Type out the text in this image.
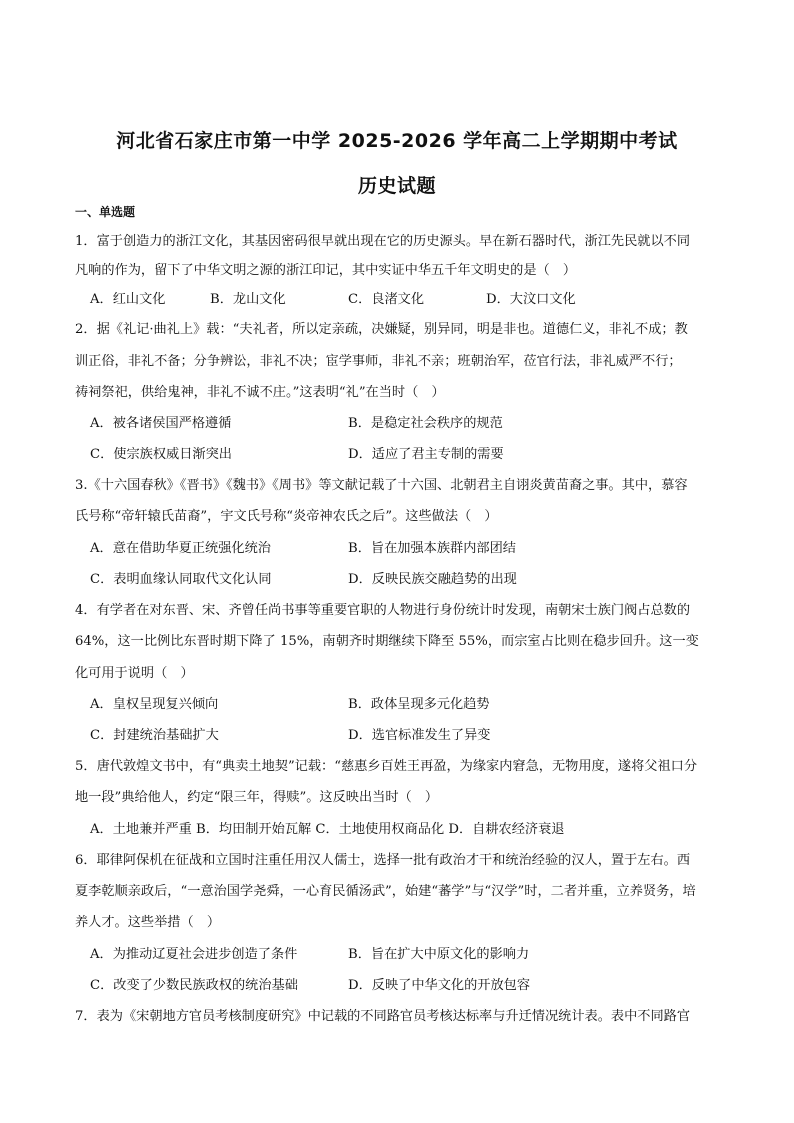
河北省石家庄市第一中学 2025-2026 学年高二上学期期中考试
历史试题
一、单选题
1．富于创造力的浙江文化，其基因密码很早就出现在它的历史源头。早在新石器时代，浙江先民就以不同
凡响的作为，留下了中华文明之源的浙江印记，其中实证中华五千年文明史的是（　）
A．红山文化	B．龙山文化	C．良渚文化	D．大汶口文化
2．据《礼记·曲礼上》载：“夫礼者，所以定亲疏，决嫌疑，别异同，明是非也。道德仁义，非礼不成；教
训正俗，非礼不备；分争辨讼，非礼不决；宦学事师，非礼不亲；班朝治军，莅官行法，非礼威严不行；
祷祠祭祀，供给鬼神，非礼不诚不庄。”这表明“礼”在当时（　）
A．被各诸侯国严格遵循	B．是稳定社会秩序的规范
C．使宗族权威日渐突出	D．适应了君主专制的需要
3.《十六国春秋》《晋书》《魏书》《周书》等文献记载了十六国、北朝君主自诩炎黄苗裔之事。其中，慕容
氏号称“帝轩辕氏苗裔”，宇文氏号称“炎帝神农氏之后”。这些做法（　）
A．意在借助华夏正统强化统治	B．旨在加强本族群内部团结
C．表明血缘认同取代文化认同	D．反映民族交融趋势的出现
4．有学者在对东晋、宋、齐曾任尚书事等重要官职的人物进行身份统计时发现，南朝宋士族门阀占总数的
64%，这一比例比东晋时期下降了 15%，南朝齐时期继续下降至 55%，而宗室占比则在稳步回升。这一变
化可用于说明（　）
A．皇权呈现复兴倾向	B．政体呈现多元化趋势
C．封建统治基础扩大	D．选官标准发生了异变
5．唐代敦煌文书中，有“典卖土地契”记载：“慈惠乡百姓王再盈，为缘家内窘急，无物用度，遂将父祖口分
地一段”典给他人，约定“限三年，得赎”。这反映出当时（　）
A．土地兼并严重 B．均田制开始瓦解 C．土地使用权商品化 D．自耕农经济衰退
6．耶律阿保机在征战和立国时注重任用汉人儒士，选择一批有政治才干和统治经验的汉人，置于左右。西
夏李乾顺亲政后，“一意治国学尧舜，一心育民循汤武”，始建“蕃学”与“汉学”时，二者并重，立养贤务，培
养人才。这些举措（　）
A．为推动辽夏社会进步创造了条件	B．旨在扩大中原文化的影响力
C．改变了少数民族政权的统治基础	D．反映了中华文化的开放包容
7．表为《宋朝地方官员考核制度研究》中记载的不同路官员考核达标率与升迁情况统计表。表中不同路官
